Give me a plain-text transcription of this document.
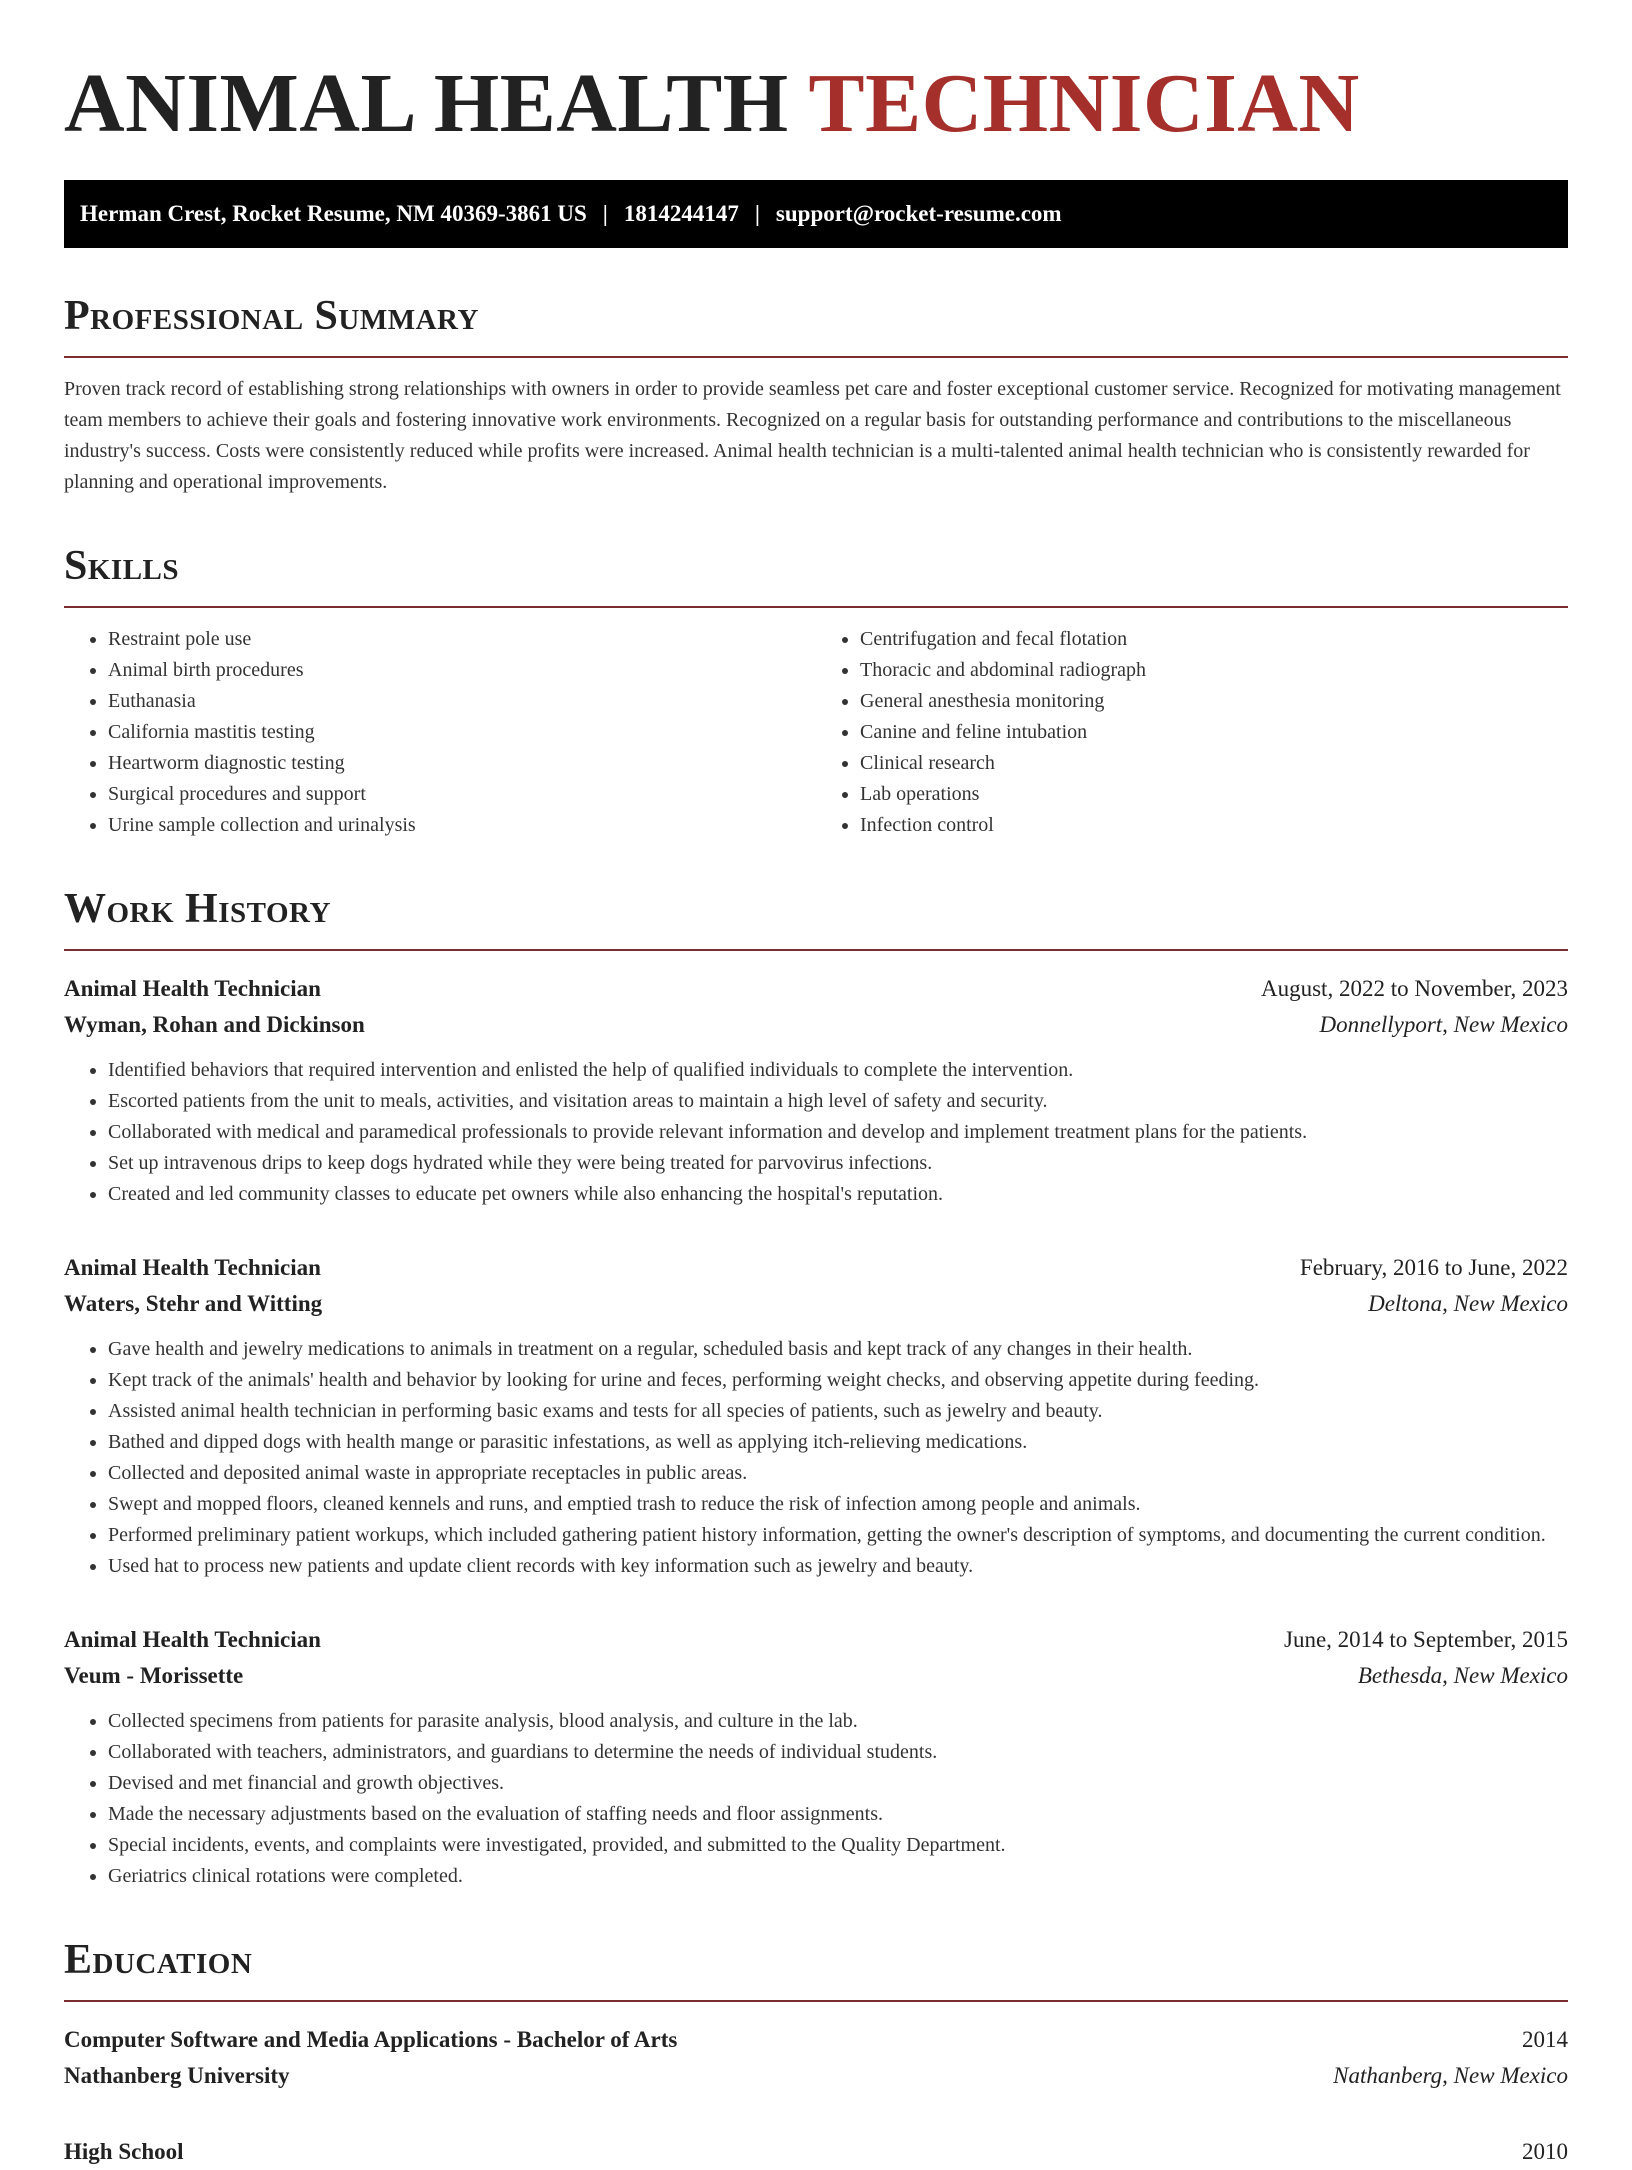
ANIMAL HEALTH TECHNICIAN
Herman Crest, Rocket Resume, NM 40369-3861 US | 1814244147 | support@rocket-resume.com
Professional Summary

Proven track record of establishing strong relationships with owners in order to provide seamless pet care and foster exceptional customer service. Recognized for motivating management team members to achieve their goals and fostering innovative work environments. Recognized on a regular basis for outstanding performance and contributions to the miscellaneous industry's success. Costs were consistently reduced while profits were increased. Animal health technician is a multi-talented animal health technician who is consistently rewarded for planning and operational improvements.

Skills
• Restraint pole use
• Animal birth procedures
• Euthanasia
• California mastitis testing
• Heartworm diagnostic testing
• Surgical procedures and support
• Urine sample collection and urinalysis
• Centrifugation and fecal flotation
• Thoracic and abdominal radiograph
• General anesthesia monitoring
• Canine and feline intubation
• Clinical research
• Lab operations
• Infection control
Work History
Animal Health Technician	August, 2022 to November, 2023
Wyman, Rohan and Dickinson	Donnellyport, New Mexico
• Identified behaviors that required intervention and enlisted the help of qualified individuals to complete the intervention.
• Escorted patients from the unit to meals, activities, and visitation areas to maintain a high level of safety and security.
• Collaborated with medical and paramedical professionals to provide relevant information and develop and implement treatment plans for the patients.
• Set up intravenous drips to keep dogs hydrated while they were being treated for parvovirus infections.
• Created and led community classes to educate pet owners while also enhancing the hospital's reputation.
Animal Health Technician	February, 2016 to June, 2022
Waters, Stehr and Witting	Deltona, New Mexico
• Gave health and jewelry medications to animals in treatment on a regular, scheduled basis and kept track of any changes in their health.
• Kept track of the animals' health and behavior by looking for urine and feces, performing weight checks, and observing appetite during feeding.
• Assisted animal health technician in performing basic exams and tests for all species of patients, such as jewelry and beauty.
• Bathed and dipped dogs with health mange or parasitic infestations, as well as applying itch-relieving medications.
• Collected and deposited animal waste in appropriate receptacles in public areas.
• Swept and mopped floors, cleaned kennels and runs, and emptied trash to reduce the risk of infection among people and animals.
• Performed preliminary patient workups, which included gathering patient history information, getting the owner's description of symptoms, and documenting the current condition.
• Used hat to process new patients and update client records with key information such as jewelry and beauty.
Animal Health Technician	June, 2014 to September, 2015
Veum - Morissette	Bethesda, New Mexico
• Collected specimens from patients for parasite analysis, blood analysis, and culture in the lab.
• Collaborated with teachers, administrators, and guardians to determine the needs of individual students.
• Devised and met financial and growth objectives.
• Made the necessary adjustments based on the evaluation of staffing needs and floor assignments.
• Special incidents, events, and complaints were investigated, provided, and submitted to the Quality Department.
• Geriatrics clinical rotations were completed.
Education
Computer Software and Media Applications - Bachelor of Arts	2014
Nathanberg University	Nathanberg, New Mexico
High School	2010
